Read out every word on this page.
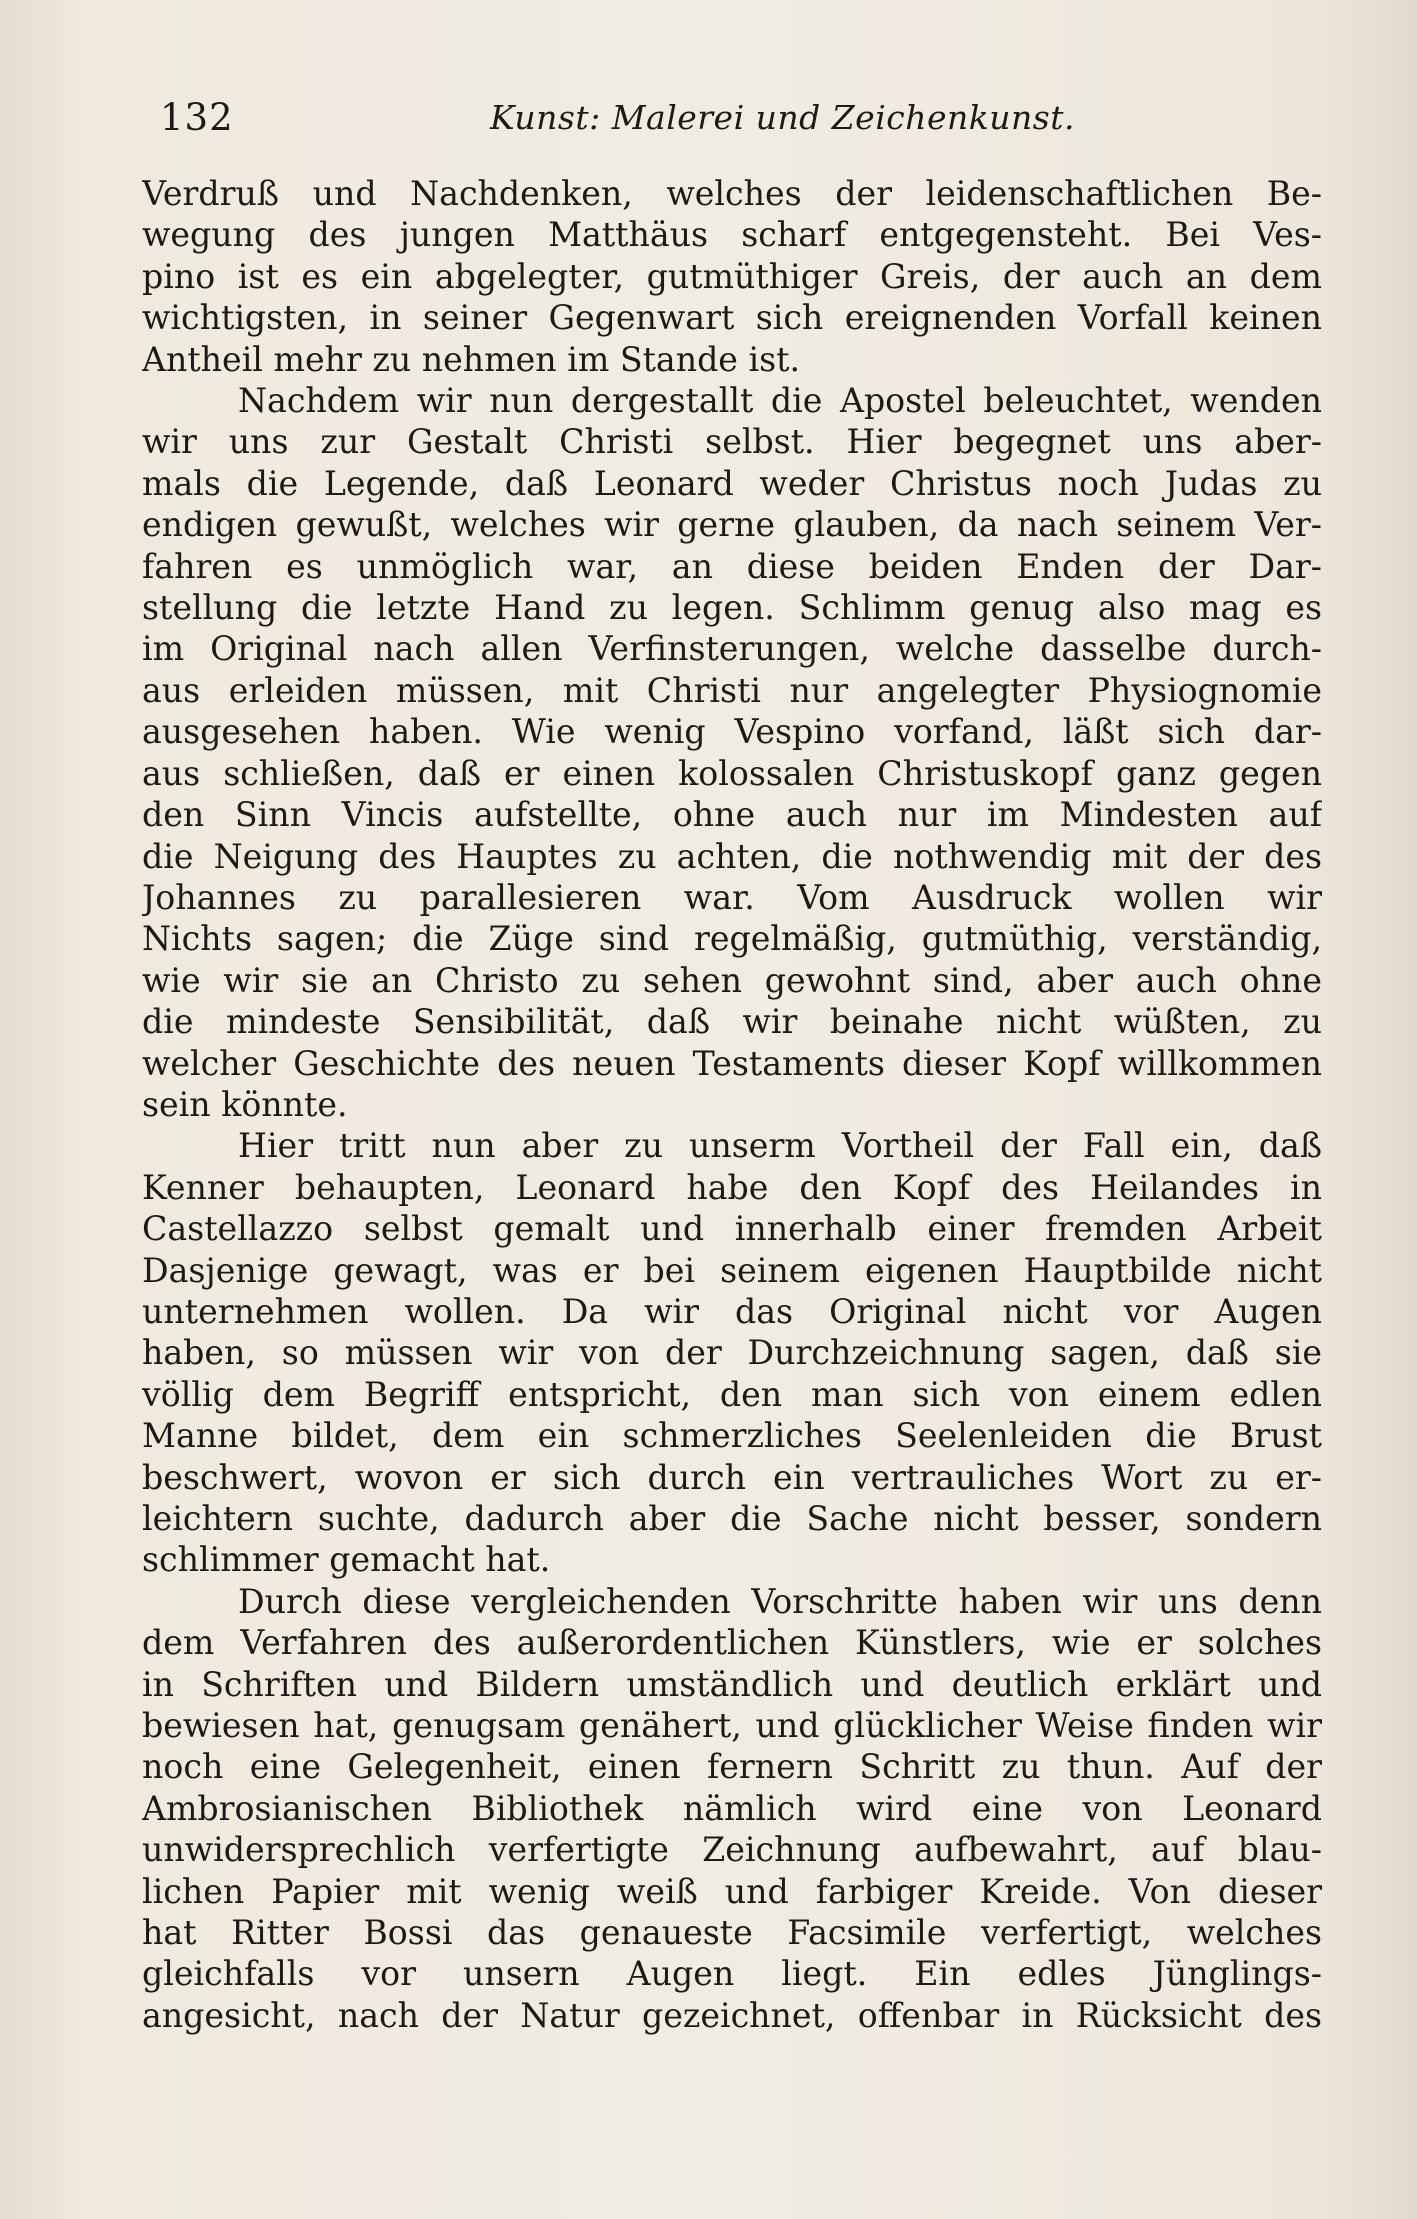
132	Kunst: Malerei und Zeichenkunst.

Verdruß und Nachdenken, welches der leidenschaftlichen Be-
wegung des jungen Matthäus scharf entgegensteht. Bei Ves-
pino ist es ein abgelegter, gutmüthiger Greis, der auch an dem
wichtigsten, in seiner Gegenwart sich ereignenden Vorfall keinen
Antheil mehr zu nehmen im Stande ist.

Nachdem wir nun dergestallt die Apostel beleuchtet, wenden
wir uns zur Gestalt Christi selbst. Hier begegnet uns aber-
mals die Legende, daß Leonard weder Christus noch Judas zu
endigen gewußt, welches wir gerne glauben, da nach seinem Ver-
fahren es unmöglich war, an diese beiden Enden der Dar-
stellung die letzte Hand zu legen. Schlimm genug also mag es
im Original nach allen Verfinsterungen, welche dasselbe durch-
aus erleiden müssen, mit Christi nur angelegter Physiognomie
ausgesehen haben. Wie wenig Vespino vorfand, läßt sich dar-
aus schließen, daß er einen kolossalen Christuskopf ganz gegen
den Sinn Vincis aufstellte, ohne auch nur im Mindesten auf
die Neigung des Hauptes zu achten, die nothwendig mit der des
Johannes zu parallesieren war. Vom Ausdruck wollen wir
Nichts sagen; die Züge sind regelmäßig, gutmüthig, verständig,
wie wir sie an Christo zu sehen gewohnt sind, aber auch ohne
die mindeste Sensibilität, daß wir beinahe nicht wüßten, zu
welcher Geschichte des neuen Testaments dieser Kopf willkommen
sein könnte.

Hier tritt nun aber zu unserm Vortheil der Fall ein, daß
Kenner behaupten, Leonard habe den Kopf des Heilandes in
Castellazzo selbst gemalt und innerhalb einer fremden Arbeit
Dasjenige gewagt, was er bei seinem eigenen Hauptbilde nicht
unternehmen wollen. Da wir das Original nicht vor Augen
haben, so müssen wir von der Durchzeichnung sagen, daß sie
völlig dem Begriff entspricht, den man sich von einem edlen
Manne bildet, dem ein schmerzliches Seelenleiden die Brust
beschwert, wovon er sich durch ein vertrauliches Wort zu er-
leichtern suchte, dadurch aber die Sache nicht besser, sondern
schlimmer gemacht hat.

Durch diese vergleichenden Vorschritte haben wir uns denn
dem Verfahren des außerordentlichen Künstlers, wie er solches
in Schriften und Bildern umständlich und deutlich erklärt und
bewiesen hat, genugsam genähert, und glücklicher Weise finden wir
noch eine Gelegenheit, einen fernern Schritt zu thun. Auf der
Ambrosianischen Bibliothek nämlich wird eine von Leonard
unwidersprechlich verfertigte Zeichnung aufbewahrt, auf blau-
lichen Papier mit wenig weiß und farbiger Kreide. Von dieser
hat Ritter Bossi das genaueste Facsimile verfertigt, welches
gleichfalls vor unsern Augen liegt. Ein edles Jünglings-
angesicht, nach der Natur gezeichnet, offenbar in Rücksicht des
